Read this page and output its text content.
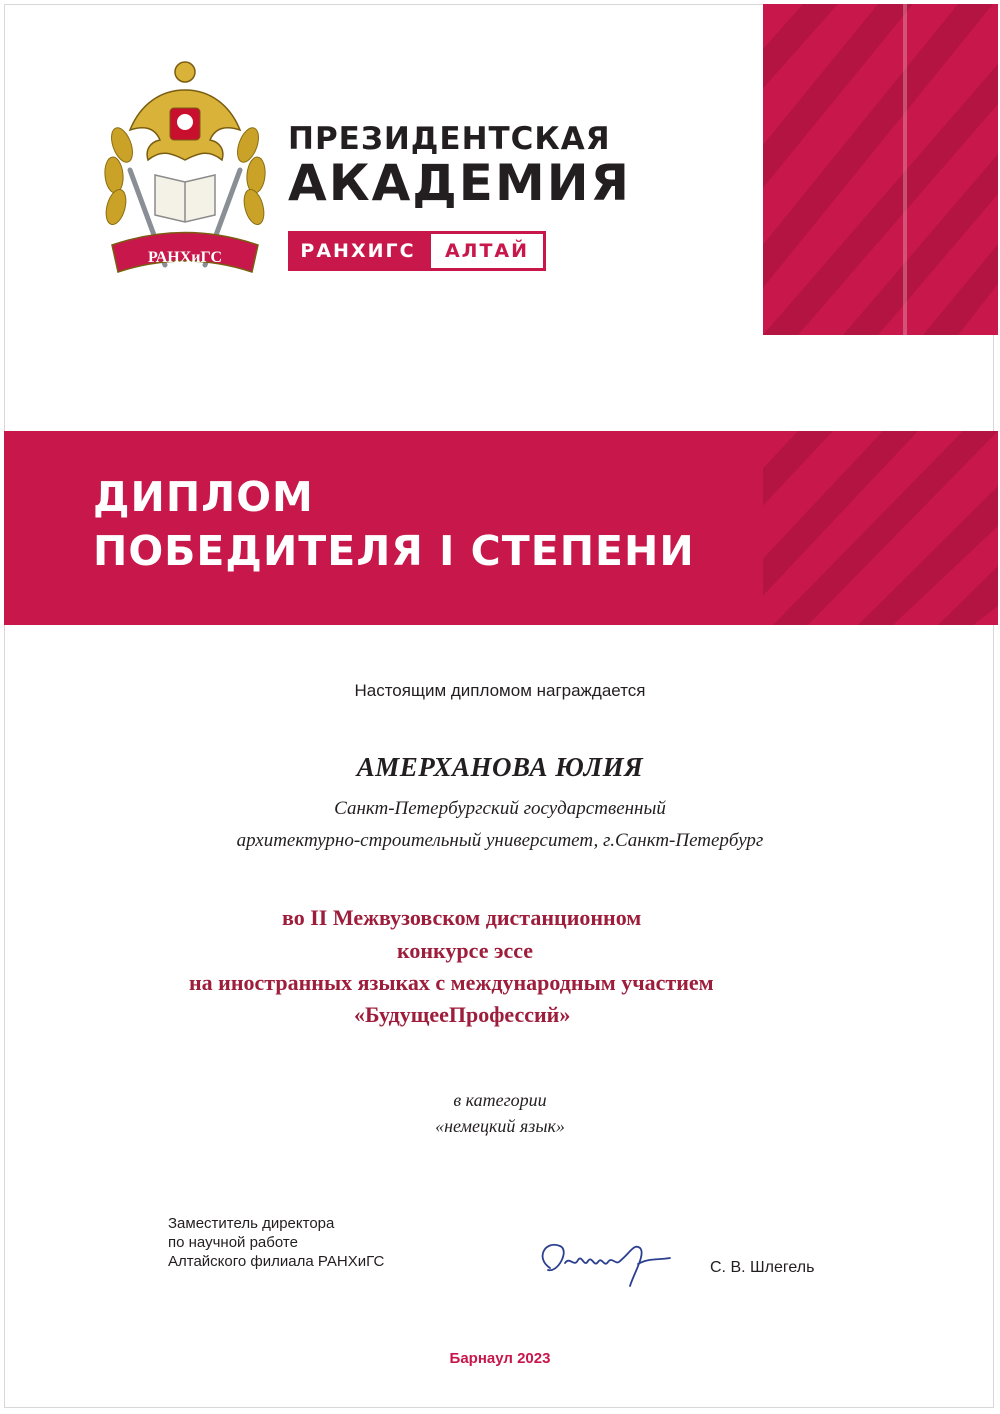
ДИПЛОМ
ПОБЕДИТЕЛЯ I СТЕПЕНИ
РАНХиГС
ПРЕЗИДЕНТСКАЯ
АКАДЕМИЯ
РАНХИГС	АЛТАЙ
Настоящим дипломом награждается
АМЕРХАНОВА ЮЛИЯ
Санкт-Петербургский государственный
архитектурно-строительный университет, г.Санкт-Петербург
во II Межвузовском дистанционном
конкурсе эссе
на иностранных языках с международным участием
«БудущееПрофессий»
в категории
«немецкий язык»
Заместитель директора
по научной работе
Алтайского филиала РАНХиГС	С. В. Шлегель
Барнаул 2023
